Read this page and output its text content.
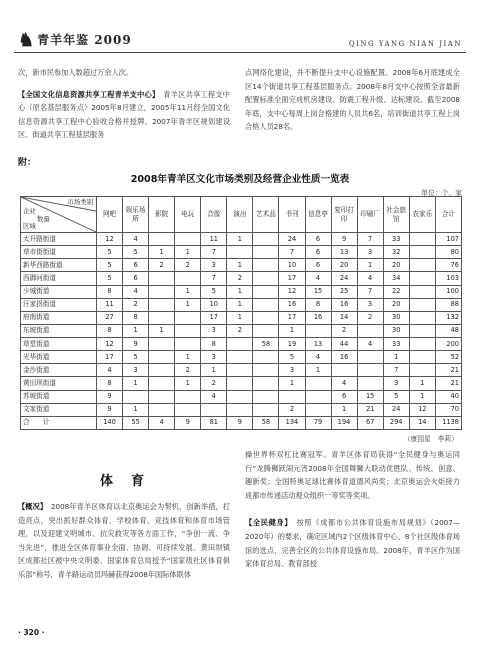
♞ 青羊年鉴 2009	QING YANG NIAN JIAN
次，新市民参加人数超过万余人次。
【全国文化信息资源共享工程青羊支中心】　 青羊区共享工程支中心（原名基层服务点）2005年8月建立，2005年11月经全国文化信息资源共享工程中心验收合格并授牌。2007年青羊区规划建设区、街道共享工程基层服务
点网络化建设，并不断提升支中心设施配置。2008年6月底建成全区14个街道共享工程基层服务点。2008年8月支中心按照全省最新配置标准全面完成机房建设、防震工程升级、达标建设。截至2008年底，支中心每周上岗合格建的人员共6名，培训街道共享工程上岗合格人员28名。
附：
2008年青羊区文化市场类别及经营企业性质一览表
单位：个、家
市场类别
企业
数量
区域	网吧	娱乐场所	影院	电玩	音像	演出	艺术品	书刊	信息亭	复印打印	印刷厂	社会旅馆	农家乐	合计
太升路街道	12	4			11	1		24	6	9	7	33		107
草市街街道	5	5	1	1	7			7	6	13	3	32		80
新华西路街道	5	6	2	2	3	1		10	6	20	1	20		76
西御河街道	5	6			7	2		17	4	24	4	34		103
少城街道	8	4		1	5	1		12	15	25	7	22		100
汪家拐街道	11	2		1	10	1		16	8	16	3	20		88
府南街道	27	8			17	1		17	16	14	2	30		132
东坡街道	8	1	1		3	2		1		2		30		48
草堂街道	12	9			8		58	19	13	44	4	33		200
光华街道	17	5		1	3			5	4	16		1		52
金沙街道	4	3		2	1			3	1			7		21
黄田坝街道	8	1		1	2			1		4		3	1	21
苏坡街道	9				4					6	15	5	1	40
文家街道	9	1						2		1	21	24	12	70
合　　计	140	55	4	9	81	9	58	134	79	194	67	294	14	1138
（康园星　李莉）
体育
【概况】　 2008年青羊区体育以北京奥运会为契机，创新举措，打造亮点，突出抓好群众体育、学校体育、竞技体育和体育市场管理，以及迎建文明城市、抗灾救灾等各方面工作，“争创一流、争当先进”，推进全区体育事业全面、协调、可持续发展。黄田坝镇区成都社区被中央文明委、国家体育总局授予“国家级社区体育俱乐部”称号，青羊路运动员玛赫获得2008年国际体联体
操世界杯双杠比赛冠军。青羊区体育局获得“全民健身与奥运同行”龙腾狮跃闹元宵2008年全国舞狮大联动优胜队、传统、创意、趣新奖；全国特奥足球比赛体育道德风尚奖；北京奥运会火炬接力成都市传递活动观众组织一等奖等奖项。
【全民健身】　 按照《成都市公共体育设施布局规划》（2007—2020年）的要求，确定区域内2个区级体育中心、8个社区级体育场馆的选点，完善全区的公共体育设施布局。2008年，青羊区作为国家体育总局、教育部授
· 320 ·
